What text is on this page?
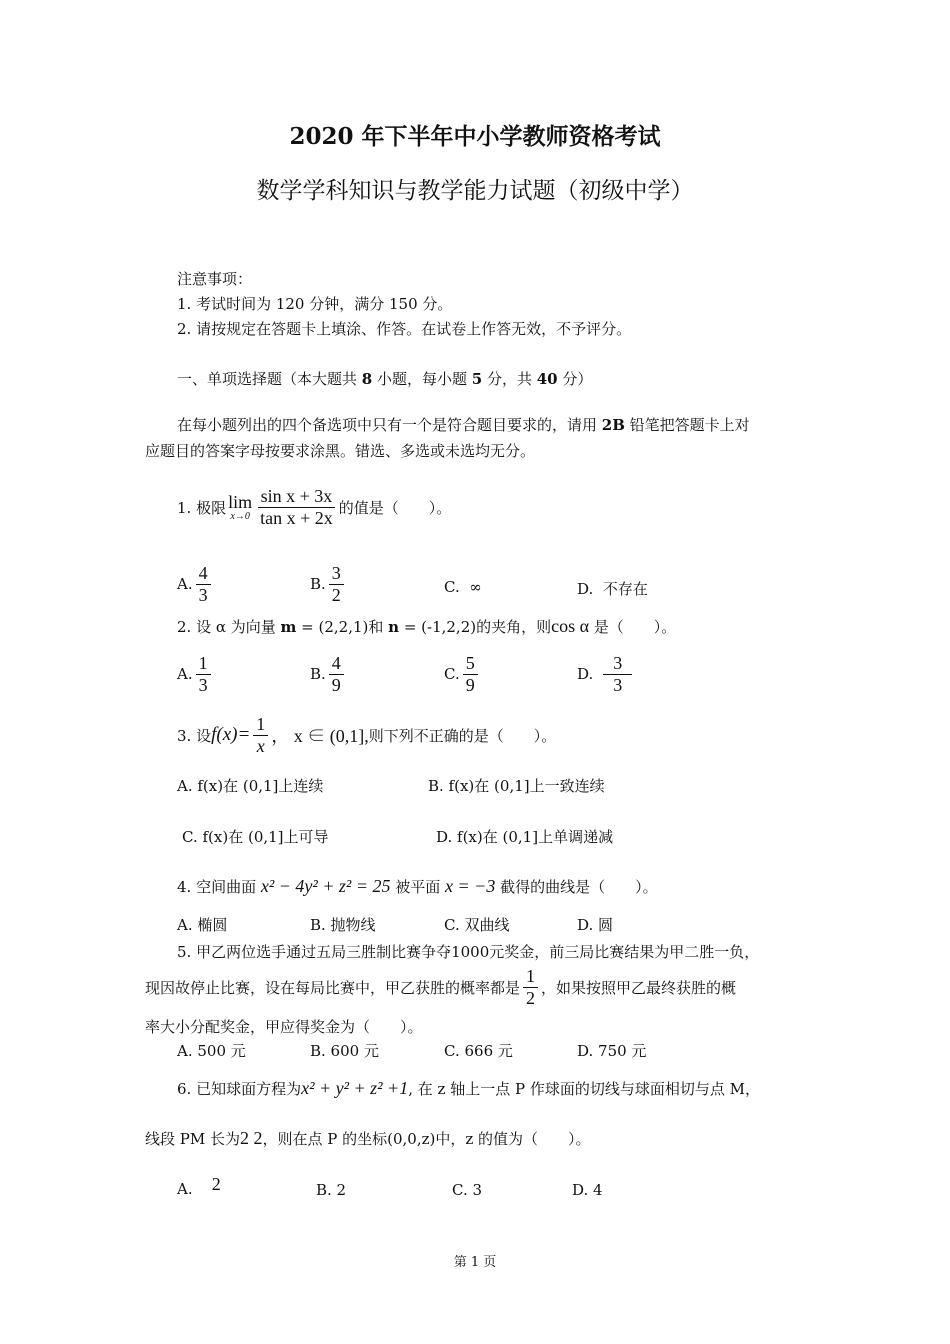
2020 年下半年中小学教师资格考试
数学学科知识与教学能力试题（初级中学）
注意事项：
1. 考试时间为 120 分钟，满分 150 分。
2. 请按规定在答题卡上填涂、作答。在试卷上作答无效，不予评分。
一、单项选择题（本大题共 8 小题，每小题 5 分，共 40 分）
在每小题列出的四个备选项中只有一个是符合题目要求的，请用 2B 铅笔把答题卡上对
应题目的答案字母按要求涂黑。错选、多选或未选均无分。
1. 极限 lim
$x\to 0 \frac{\text{sin x + 3x}}{\text{tan x + 2x}}$ 的值是（　　）。
A. $\frac{4}{3}$	B. $\frac{3}{2}$	C. ∞	D. 不存在
2. 设 α 为向量 m = (2,2,1)和 n = (-1,2,2)的夹角，则cos α 是（　　）。
A. $\frac{1}{3}$	B. $\frac{4}{9}$	C. $\frac{5}{9}$	D. $\frac{3}{3}$
3. 设 $f(x)= \frac{1}{x}$ ， x ∈ (0,1], 则下列不正确的是（　　）。
A. f(x)在 (0,1]上连续	B. f(x)在 (0,1]上一致连续
C. f(x)在 (0,1]上可导	D. f(x)在 (0,1]上单调递减
4. 空间曲面 x² − 4y² + z² = 25 被平面 x = −3 截得的曲线是（　　）。
A. 椭圆	B. 抛物线	C. 双曲线	D. 圆
5. 甲乙两位选手通过五局三胜制比赛争夺1000元奖金，前三局比赛结果为甲二胜一负，
现因故停止比赛，设在每局比赛中，甲乙获胜的概率都是 $\frac{1}{2}$ ，如果按照甲乙最终获胜的概
率大小分配奖金，甲应得奖金为（　　）。
A. 500 元	B. 600 元	C. 666 元	D. 750 元
6. 已知球面方程为x² + y² + z² +1, 在 z 轴上一点 P 作球面的切线与球面相切与点 M，
线段 PM 长为2 2，则在点 P 的坐标(0,0,z)中，z 的值为（　　）。
A. 2	B. 2	C. 3	D. 4
第 1 页
